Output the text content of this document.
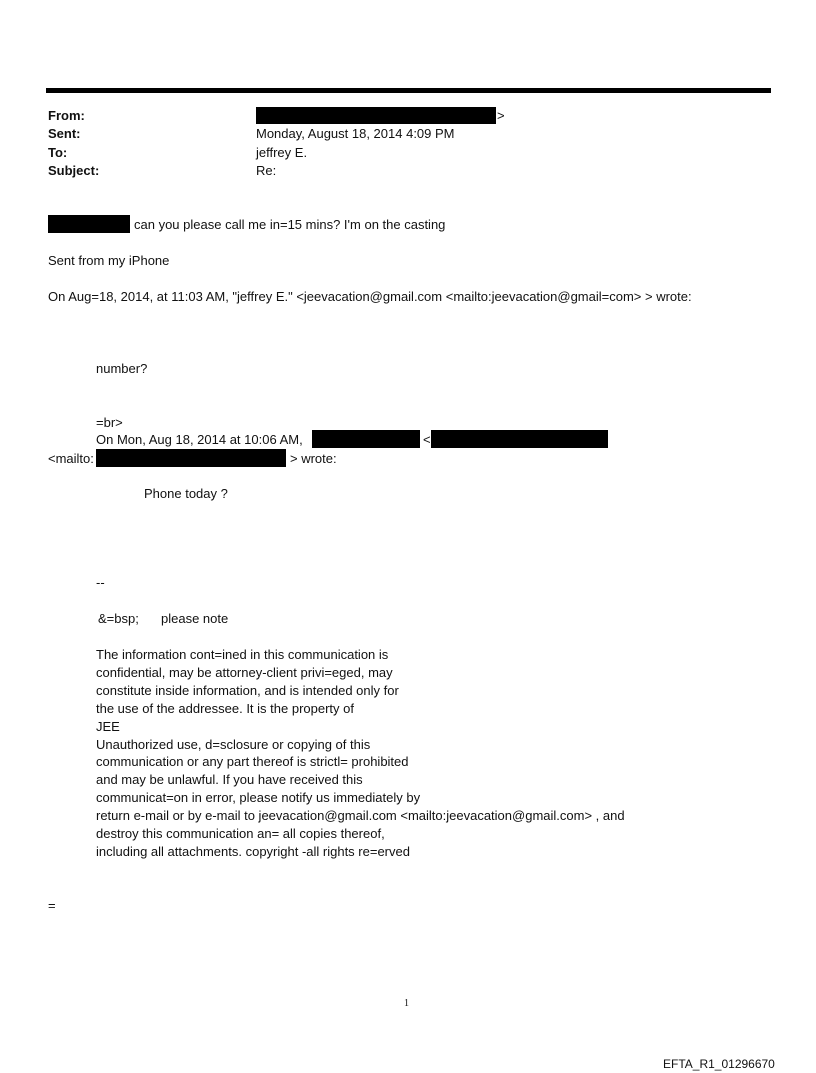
From:
Sent:
To:
Subject:
>
Monday, August 18, 2014 4:09 PM
jeffrey E.
Re:
can you please call me in=15 mins? I'm on the casting
Sent from my iPhone
On Aug=18, 2014, at 11:03 AM, "jeffrey E." <jeevacation@gmail.com <mailto:jeevacation@gmail=com> > wrote:
number?
=br>
On Mon, Aug 18, 2014 at 10:06 AM,	<
<mailto:	> wrote:
Phone today ?
--
&=bsp; please note
The information cont=ined in this communication is
confidential, may be attorney-client privi=eged, may
constitute inside information, and is intended only for
the use of the addressee. It is the property of
JEE
Unauthorized use, d=sclosure or copying of this
communication or any part thereof is strictl= prohibited
and may be unlawful. If you have received this
communicat=on in error, please notify us immediately by
return e-mail or by e-mail to jeevacation@gmail.com <mailto:jeevacation@gmail.com> , and
destroy this communication an= all copies thereof,
including all attachments. copyright -all rights re=erved
=
1
EFTA_R1_01296670
